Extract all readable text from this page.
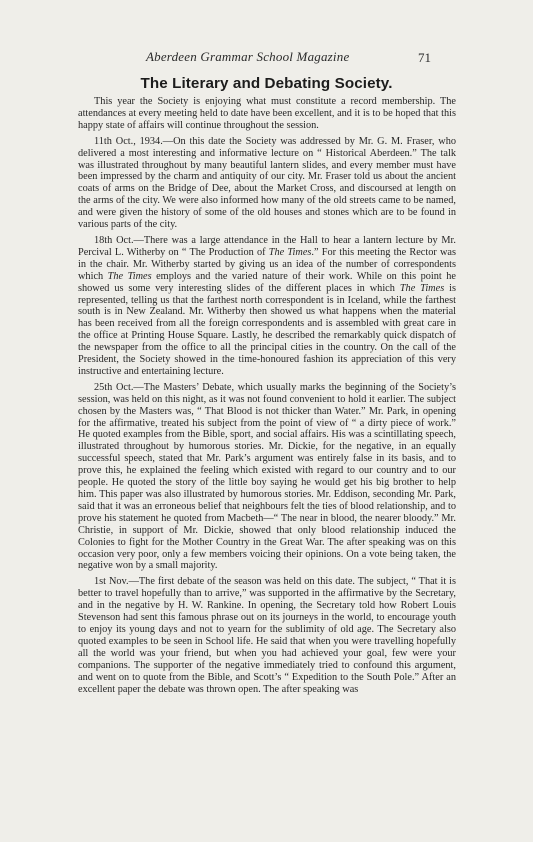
Aberdeen Grammar School Magazine	71
The Literary and Debating Society.

This year the Society is enjoying what must constitute a record membership. The attendances at every meeting held to date have been excellent, and it is to be hoped that this happy state of affairs will continue throughout the session.

11th Oct., 1934.—On this date the Society was addressed by Mr. G. M. Fraser, who delivered a most interesting and informative lecture on “ Historical Aberdeen.” The talk was illustrated throughout by many beautiful lantern slides, and every member must have been impressed by the charm and antiquity of our city. Mr. Fraser told us about the ancient coats of arms on the Bridge of Dee, about the Market Cross, and discoursed at length on the arms of the city. We were also informed how many of the old streets came to be named, and were given the history of some of the old houses and stones which are to be found in various parts of the city.

18th Oct.—There was a large attendance in the Hall to hear a lantern lecture by Mr. Percival L. Witherby on “ The Production of The Times.” For this meeting the Rector was in the chair. Mr. Witherby started by giving us an idea of the number of correspondents which The Times employs and the varied nature of their work. While on this point he showed us some very interesting slides of the different places in which The Times is represented, telling us that the farthest north correspondent is in Iceland, while the farthest south is in New Zealand. Mr. Witherby then showed us what happens when the material has been received from all the foreign correspondents and is assembled with great care in the office at Printing House Square. Lastly, he described the remarkably quick dispatch of the newspaper from the office to all the principal cities in the country. On the call of the President, the Society showed in the time-honoured fashion its appreciation of this very instructive and entertaining lecture.

25th Oct.—The Masters’ Debate, which usually marks the beginning of the Society’s session, was held on this night, as it was not found convenient to hold it earlier. The subject chosen by the Masters was, “ That Blood is not thicker than Water.” Mr. Park, in opening for the affirmative, treated his subject from the point of view of “ a dirty piece of work.” He quoted examples from the Bible, sport, and social affairs. His was a scintillating speech, illustrated throughout by humorous stories. Mr. Dickie, for the negative, in an equally successful speech, stated that Mr. Park’s argument was entirely false in its basis, and to prove this, he explained the feeling which existed with regard to our country and to our people. He quoted the story of the little boy saying he would get his big brother to help him. This paper was also illustrated by humorous stories. Mr. Eddison, seconding Mr. Park, said that it was an erroneous belief that neighbours felt the ties of blood relationship, and to prove his statement he quoted from Macbeth—“ The near in blood, the nearer bloody.” Mr. Christie, in support of Mr. Dickie, showed that only blood relationship induced the Colonies to fight for the Mother Country in the Great War. The after speaking was on this occasion very poor, only a few members voicing their opinions. On a vote being taken, the negative won by a small majority.

1st Nov.—The first debate of the season was held on this date. The subject, “ That it is better to travel hopefully than to arrive,” was supported in the affirmative by the Secretary, and in the negative by H. W. Rankine. In opening, the Secretary told how Robert Louis Stevenson had sent this famous phrase out on its journeys in the world, to encourage youth to enjoy its young days and not to yearn for the sublimity of old age. The Secretary also quoted examples to be seen in School life. He said that when you were travelling hopefully all the world was your friend, but when you had achieved your goal, few were your companions. The supporter of the negative immediately tried to confound this argument, and went on to quote from the Bible, and Scott’s “ Expedition to the South Pole.” After an excellent paper the debate was thrown open. The after speaking was
